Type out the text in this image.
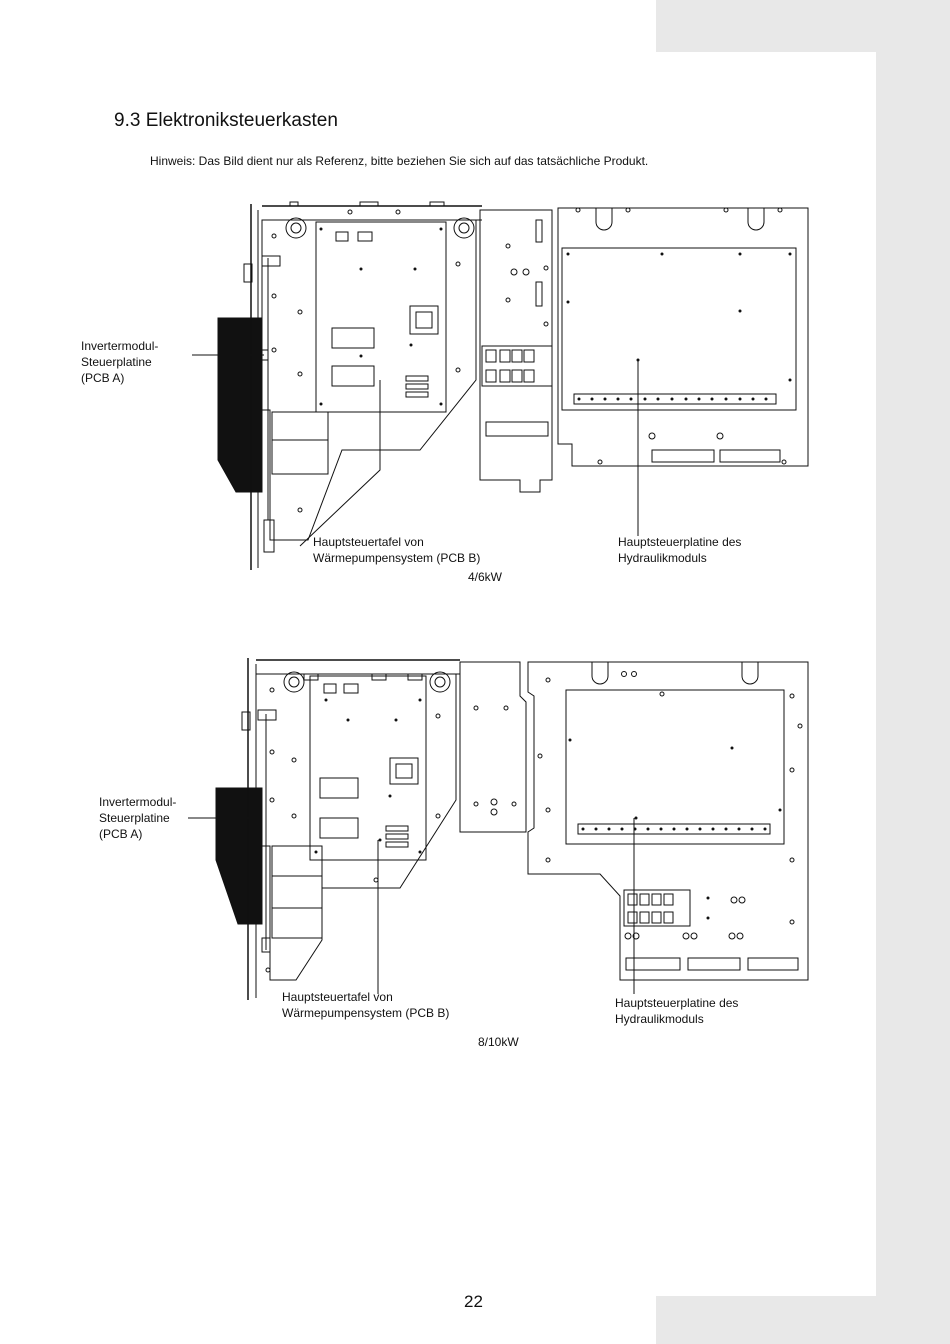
9.3 Elektroniksteuerkasten
Hinweis: Das Bild dient nur als Referenz, bitte beziehen Sie sich auf das tatsächliche Produkt.
Invertermodul-
Steuerplatine
(PCB A)
Hauptsteuertafel von
Wärmepumpensystem (PCB B)
Hauptsteuerplatine des
Hydraulikmoduls
4/6kW
Invertermodul-
Steuerplatine
(PCB A)
Hauptsteuertafel von
Wärmepumpensystem (PCB B)
Hauptsteuerplatine des
Hydraulikmoduls
8/10kW
22
